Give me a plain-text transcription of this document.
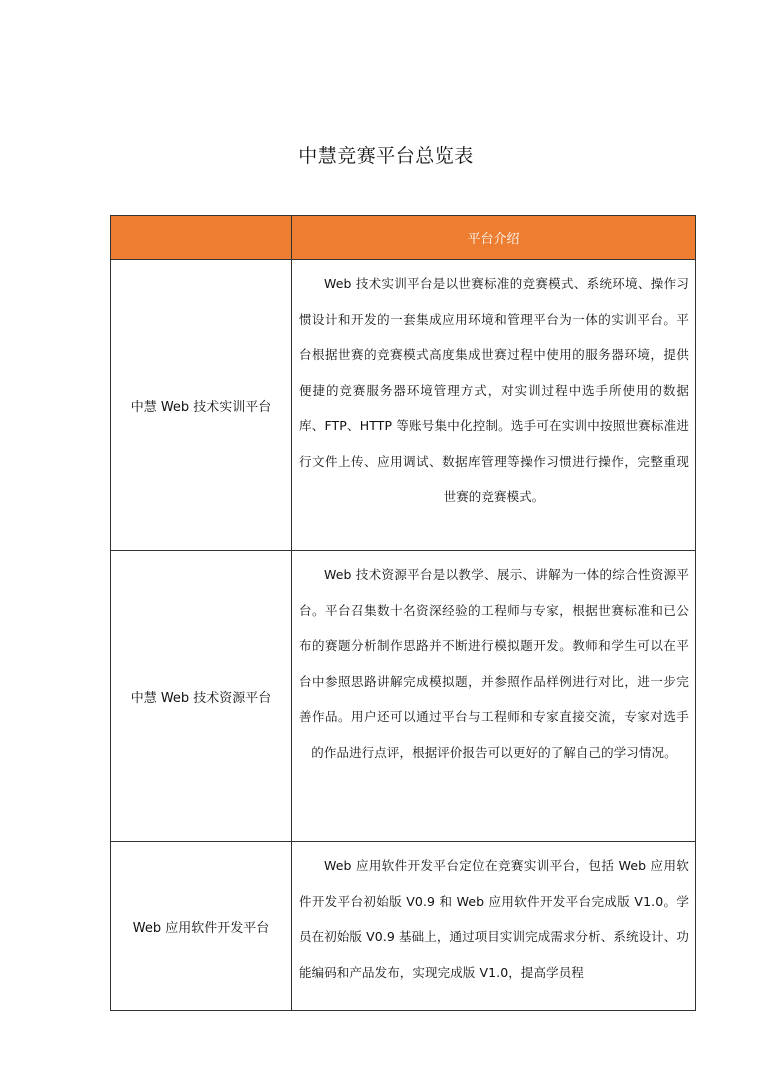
中慧竞赛平台总览表
	平台介绍
中慧 Web 技术实训平台	Web 技术实训平台是以世赛标准的竞赛模式、系统环境、操作习惯设计和开发的一套集成应用环境和管理平台为一体的实训平台。平台根据世赛的竞赛模式高度集成世赛过程中使用的服务器环境，提供便捷的竞赛服务器环境管理方式，对实训过程中选手所使用的数据库、FTP、HTTP 等账号集中化控制。选手可在实训中按照世赛标准进行文件上传、应用调试、数据库管理等操作习惯进行操作，完整重现世赛的竞赛模式。
中慧 Web 技术资源平台	Web 技术资源平台是以教学、展示、讲解为一体的综合性资源平台。平台召集数十名资深经验的工程师与专家，根据世赛标准和已公布的赛题分析制作思路并不断进行模拟题开发。教师和学生可以在平台中参照思路讲解完成模拟题，并参照作品样例进行对比，进一步完善作品。用户还可以通过平台与工程师和专家直接交流，专家对选手的作品进行点评，根据评价报告可以更好的了解自己的学习情况。
Web 应用软件开发平台	Web 应用软件开发平台定位在竞赛实训平台，包括 Web 应用软件开发平台初始版 V0.9 和 Web 应用软件开发平台完成版 V1.0。学员在初始版 V0.9 基础上，通过项目实训完成需求分析、系统设计、功能编码和产品发布，实现完成版 V1.0，提高学员程
